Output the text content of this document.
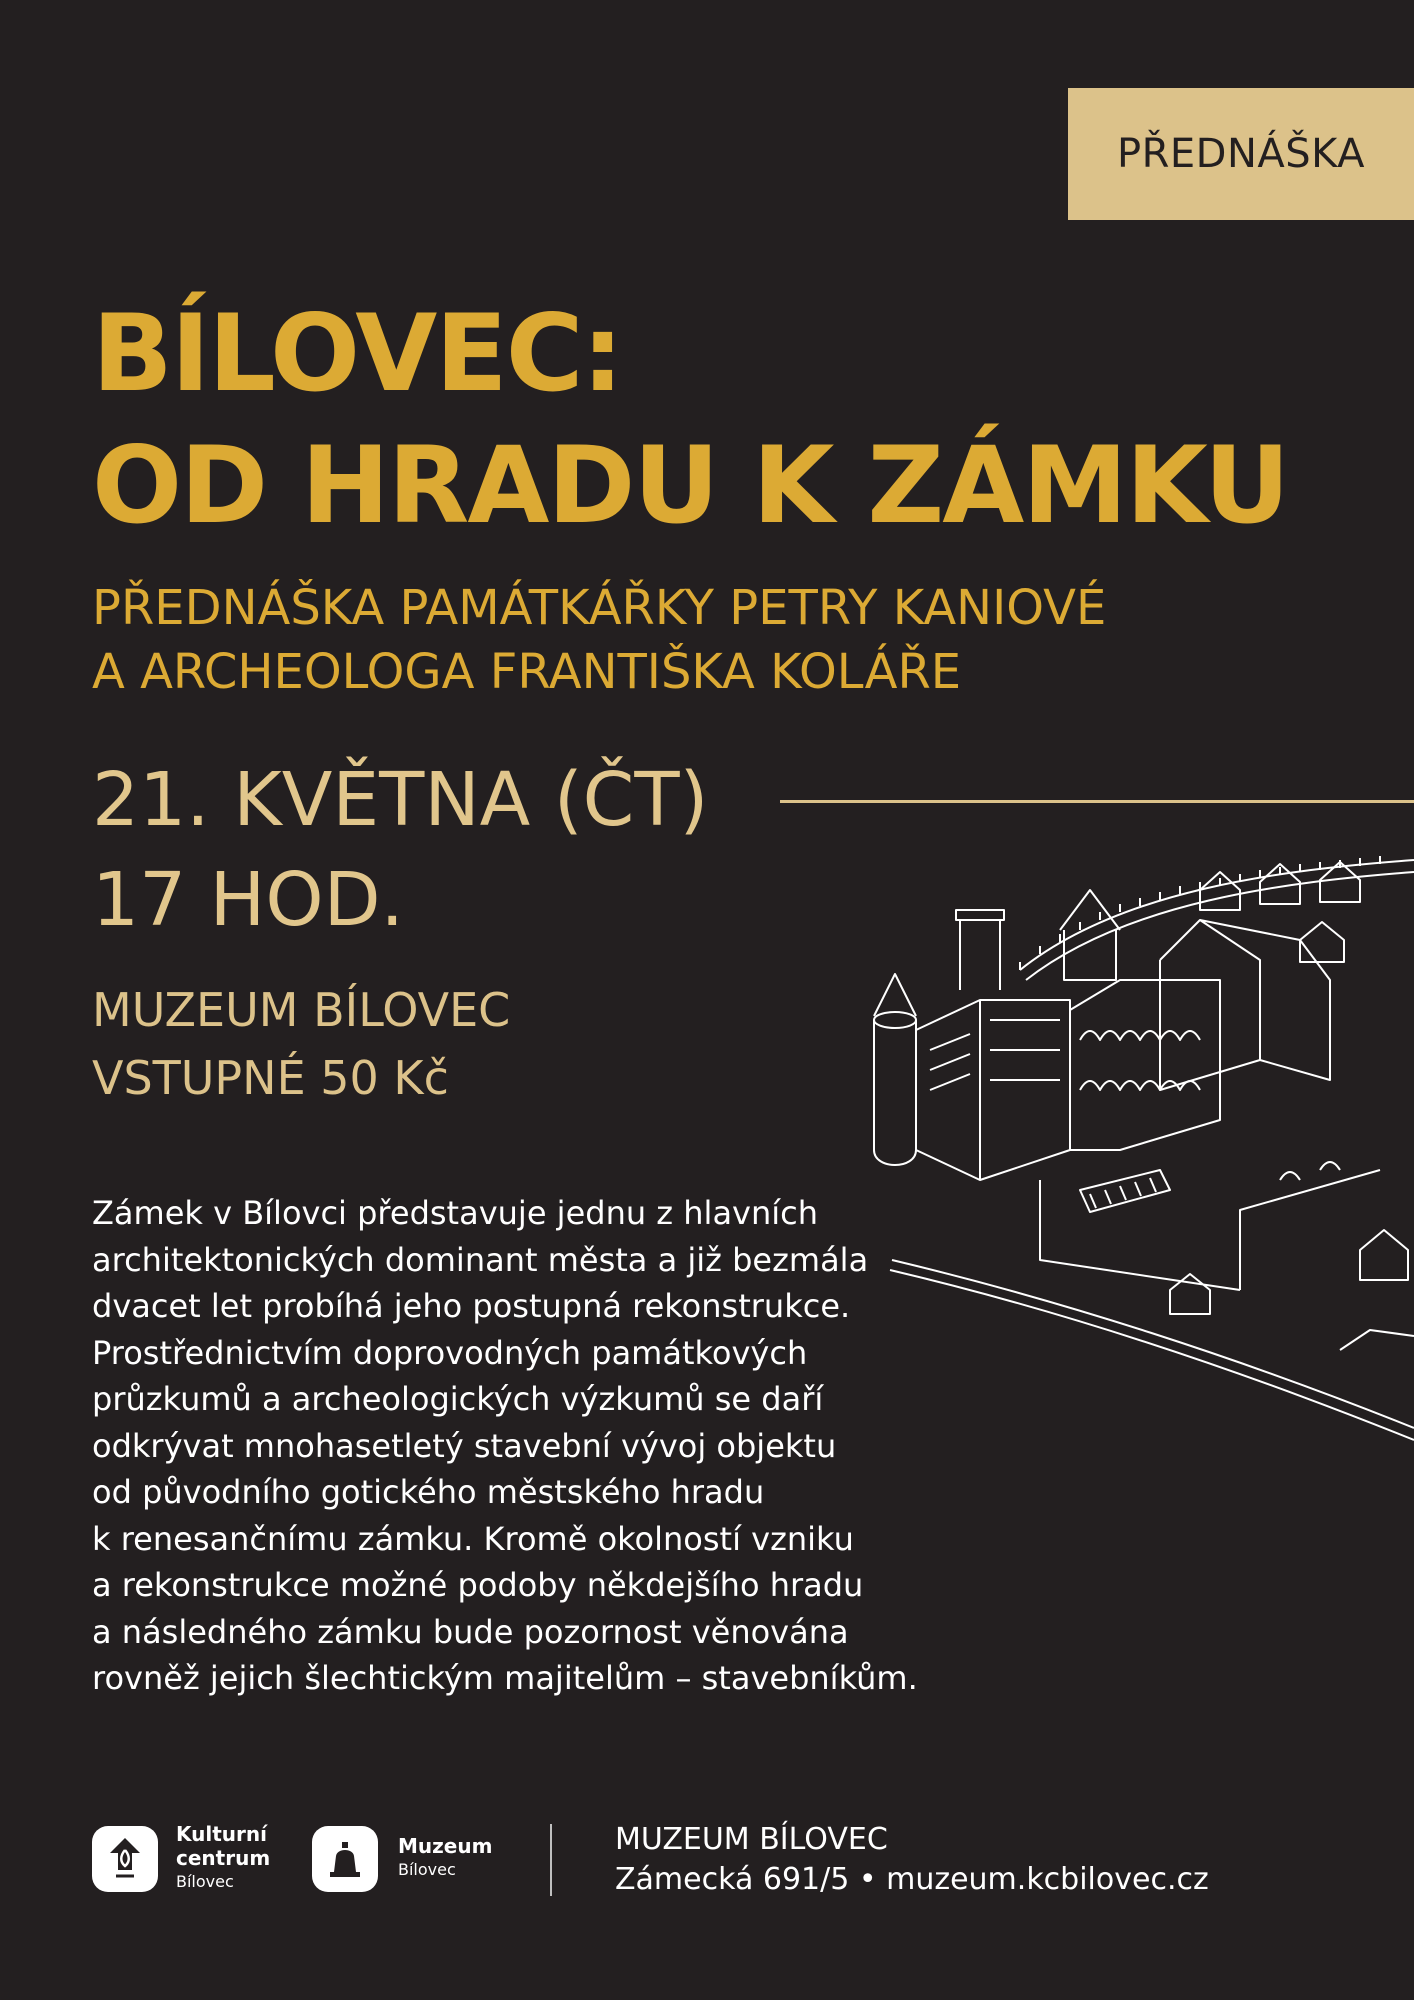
PŘEDNÁŠKA
BÍLOVEC:
OD HRADU K ZÁMKU
PŘEDNÁŠKA PAMÁTKÁŘKY PETRY KANIOVÉ
A ARCHEOLOGA FRANTIŠKA KOLÁŘE
21. KVĚTNA (ČT)
17 HOD.
MUZEUM BÍLOVEC
VSTUPNÉ 50 Kč
Zámek v Bílovci představuje jednu z hlavních
architektonických dominant města a již bezmála
dvacet let probíhá jeho postupná rekonstrukce.
Prostřednictvím doprovodných památkových
průzkumů a archeologických výzkumů se daří
odkrývat mnohasetletý stavební vývoj objektu
od původního gotického městského hradu
k renesančnímu zámku. Kromě okolností vzniku
a rekonstrukce možné podoby někdejšího hradu
a následného zámku bude pozornost věnována
rovněž jejich šlechtickým majitelům – stavebníkům.
Kulturní
centrum
Bílovec
Muzeum
Bílovec
MUZEUM BÍLOVEC
Zámecká 691/5 • muzeum.kcbilovec.cz
